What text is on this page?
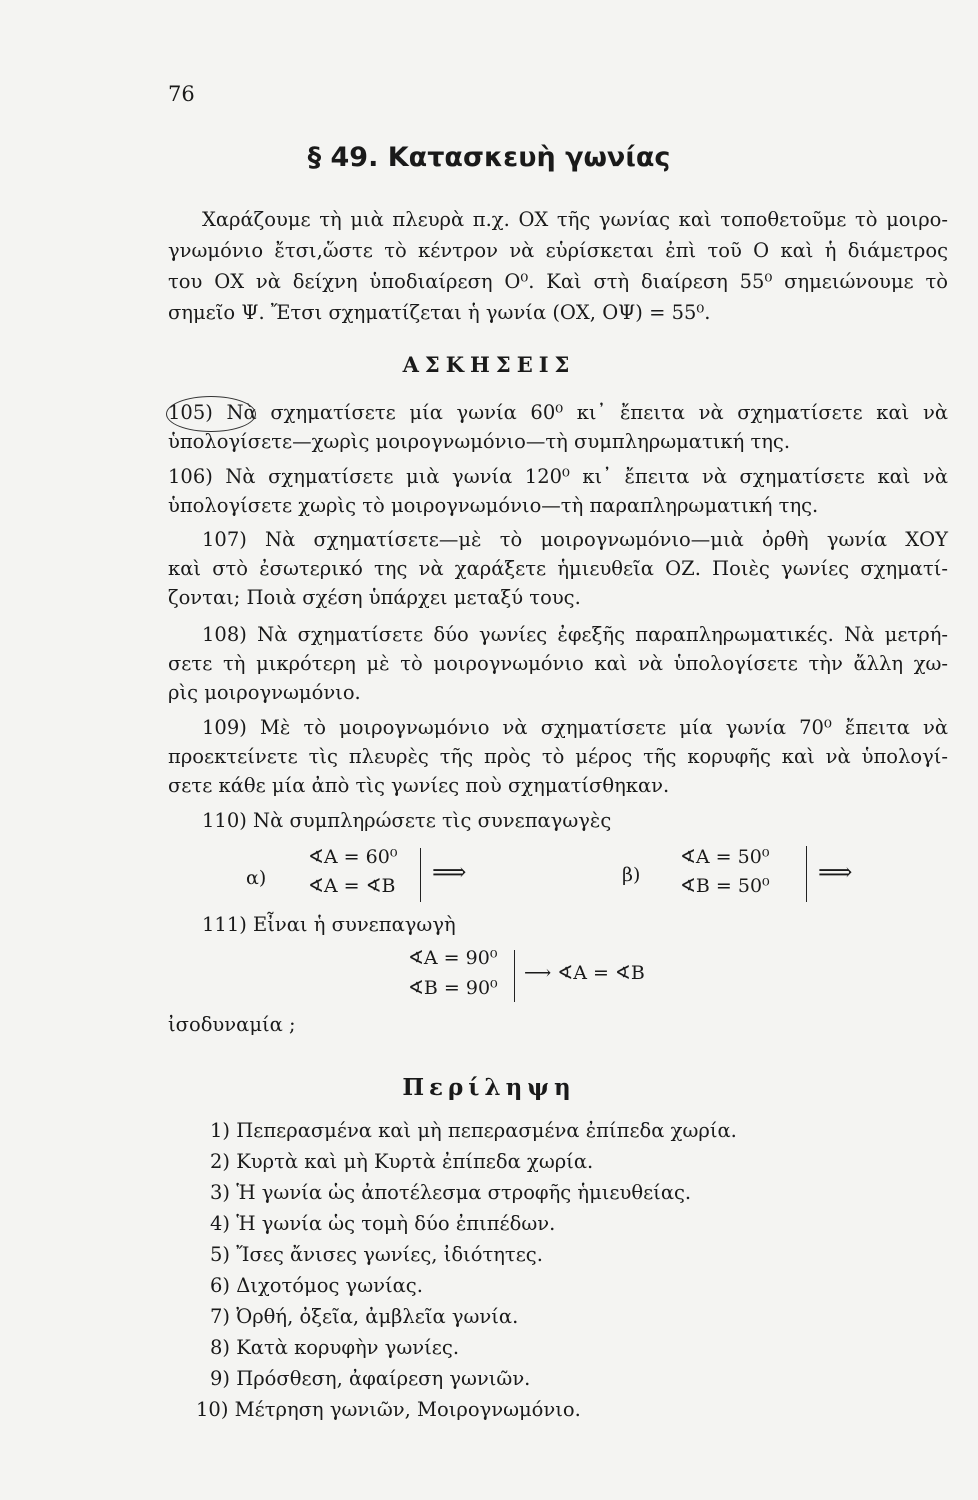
76
§ 49. Κατασκευὴ γωνίας
Χαράζουμε τὴ μιὰ πλευρὰ π.χ. ΟΧ τῆς γωνίας καὶ τοποθετοῦμε τὸ μοιρο-
γνωμόνιο ἔτσι,ὥστε τὸ κέντρον νὰ εὑρίσκεται ἐπὶ τοῦ Ο καὶ ἡ διάμετρος
του ΟΧ νὰ δείχνη ὑποδιαίρεση Ο⁰. Καὶ στὴ διαίρεση 55⁰ σημειώνουμε τὸ
σημεῖο Ψ. Ἔτσι σχηματίζεται ἡ γωνία (ΟΧ, ΟΨ) = 55⁰.
ΑΣΚΗΣΕΙΣ
105) Νὰ σχηματίσετε μία γωνία 60⁰ κι᾿ ἔπειτα νὰ σχηματίσετε καὶ νὰ
ὑπολογίσετε—χωρὶς μοιρογνωμόνιο—τὴ συμπληρωματική της.
106) Νὰ σχηματίσετε μιὰ γωνία 120⁰ κι᾿ ἔπειτα νὰ σχηματίσετε καὶ νὰ
ὑπολογίσετε χωρὶς τὸ μοιρογνωμόνιο—τὴ παραπληρωματική της.
107) Νὰ σχηματίσετε—μὲ τὸ μοιρογνωμόνιο—μιὰ ὀρθὴ γωνία ΧΟΥ
καὶ στὸ ἐσωτερικό της νὰ χαράξετε ἡμιευθεῖα ΟΖ. Ποιὲς γωνίες σχηματί-
ζονται; Ποιὰ σχέση ὑπάρχει μεταξύ τους.
108) Νὰ σχηματίσετε δύο γωνίες ἐφεξῆς παραπληρωματικές. Νὰ μετρή-
σετε τὴ μικρότερη μὲ τὸ μοιρογνωμόνιο καὶ νὰ ὑπολογίσετε τὴν ἄλλη χω-
ρὶς μοιρογνωμόνιο.
109) Μὲ τὸ μοιρογνωμόνιο νὰ σχηματίσετε μία γωνία 70⁰ ἔπειτα νὰ
προεκτείνετε τὶς πλευρὲς τῆς πρὸς τὸ μέρος τῆς κορυφῆς καὶ νὰ ὑπολογί-
σετε κάθε μία ἀπὸ τὶς γωνίες ποὺ σχηματίσθηκαν.
110) Νὰ συμπληρώσετε τὶς συνεπαγωγὲς
α)
∢Α = 60⁰
∢Α = ∢Β ⟹	β)
∢Α = 50⁰
∢Β = 50⁰ ⟹
111) Εἶναι ἡ συνεπαγωγὴ
∢Α = 90⁰
∢Β = 90⁰
⟶ ∢Α = ∢Β
ἰσοδυναμία ;
Περίληψη
1) Πεπερασμένα καὶ μὴ πεπερασμένα ἐπίπεδα χωρία.
2) Κυρτὰ καὶ μὴ Κυρτὰ ἐπίπεδα χωρία.
3) Ἡ γωνία ὡς ἀποτέλεσμα στροφῆς ἡμιευθείας.
4) Ἡ γωνία ὡς τομὴ δύο ἐπιπέδων.
5) Ἴσες ἄνισες γωνίες, ἰδιότητες.
6) Διχοτόμος γωνίας.
7) Ὀρθή, ὀξεῖα, ἀμβλεῖα γωνία.
8) Κατὰ κορυφὴν γωνίες.
9) Πρόσθεση, ἀφαίρεση γωνιῶν.
10) Μέτρηση γωνιῶν, Μοιρογνωμόνιο.
